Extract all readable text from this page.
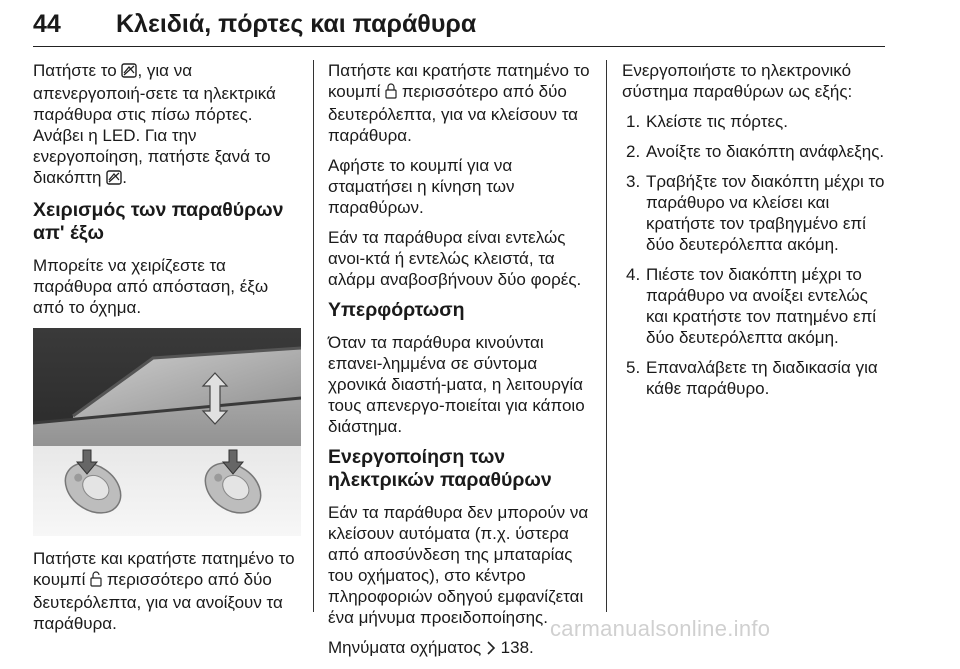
44 Κλειδιά, πόρτες και παράθυρα

Πατήστε το , για να απενεργοποιή-σετε τα ηλεκτρικά παράθυρα στις πίσω πόρτες. Ανάβει η LED. Για την ενεργοποίηση, πατήστε ξανά το διακόπτη .

Χειρισμός των παραθύρων απ' έξω

Μπορείτε να χειρίζεστε τα παράθυρα από απόσταση, έξω από το όχημα.

Πατήστε και κρατήστε πατημένο το κουμπί περισσότερο από δύο δευτερόλεπτα, για να ανοίξουν τα παράθυρα.

Πατήστε και κρατήστε πατημένο το κουμπί περισσότερο από δύο δευτερόλεπτα, για να κλείσουν τα παράθυρα.

Αφήστε το κουμπί για να σταματήσει η κίνηση των παραθύρων.

Εάν τα παράθυρα είναι εντελώς ανοι-κτά ή εντελώς κλειστά, τα αλάρμ αναβοσβήνουν δύο φορές.

Υπερφόρτωση

Όταν τα παράθυρα κινούνται επανει-λημμένα σε σύντομα χρονικά διαστή-ματα, η λειτουργία τους απενεργο-ποιείται για κάποιο διάστημα.

Ενεργοποίηση των ηλεκτρικών παραθύρων

Εάν τα παράθυρα δεν μπορούν να κλείσουν αυτόματα (π.χ. ύστερα από αποσύνδεση της μπαταρίας του οχήματος), στο κέντρο πληροφοριών οδηγού εμφανίζεται ένα μήνυμα προειδοποίησης.

Μηνύματα οχήματος 138.

Ενεργοποιήστε το ηλεκτρονικό σύστημα παραθύρων ως εξής:

1. Κλείστε τις πόρτες.
2. Ανοίξτε το διακόπτη ανάφλεξης.
3. Τραβήξτε τον διακόπτη μέχρι το παράθυρο να κλείσει και κρατήστε τον τραβηγμένο επί δύο δευτερόλεπτα ακόμη.
4. Πιέστε τον διακόπτη μέχρι το παράθυρο να ανοίξει εντελώς και κρατήστε τον πατημένο επί δύο δευτερόλεπτα ακόμη.
5. Επαναλάβετε τη διαδικασία για κάθε παράθυρο.
carmanualsonline.info
